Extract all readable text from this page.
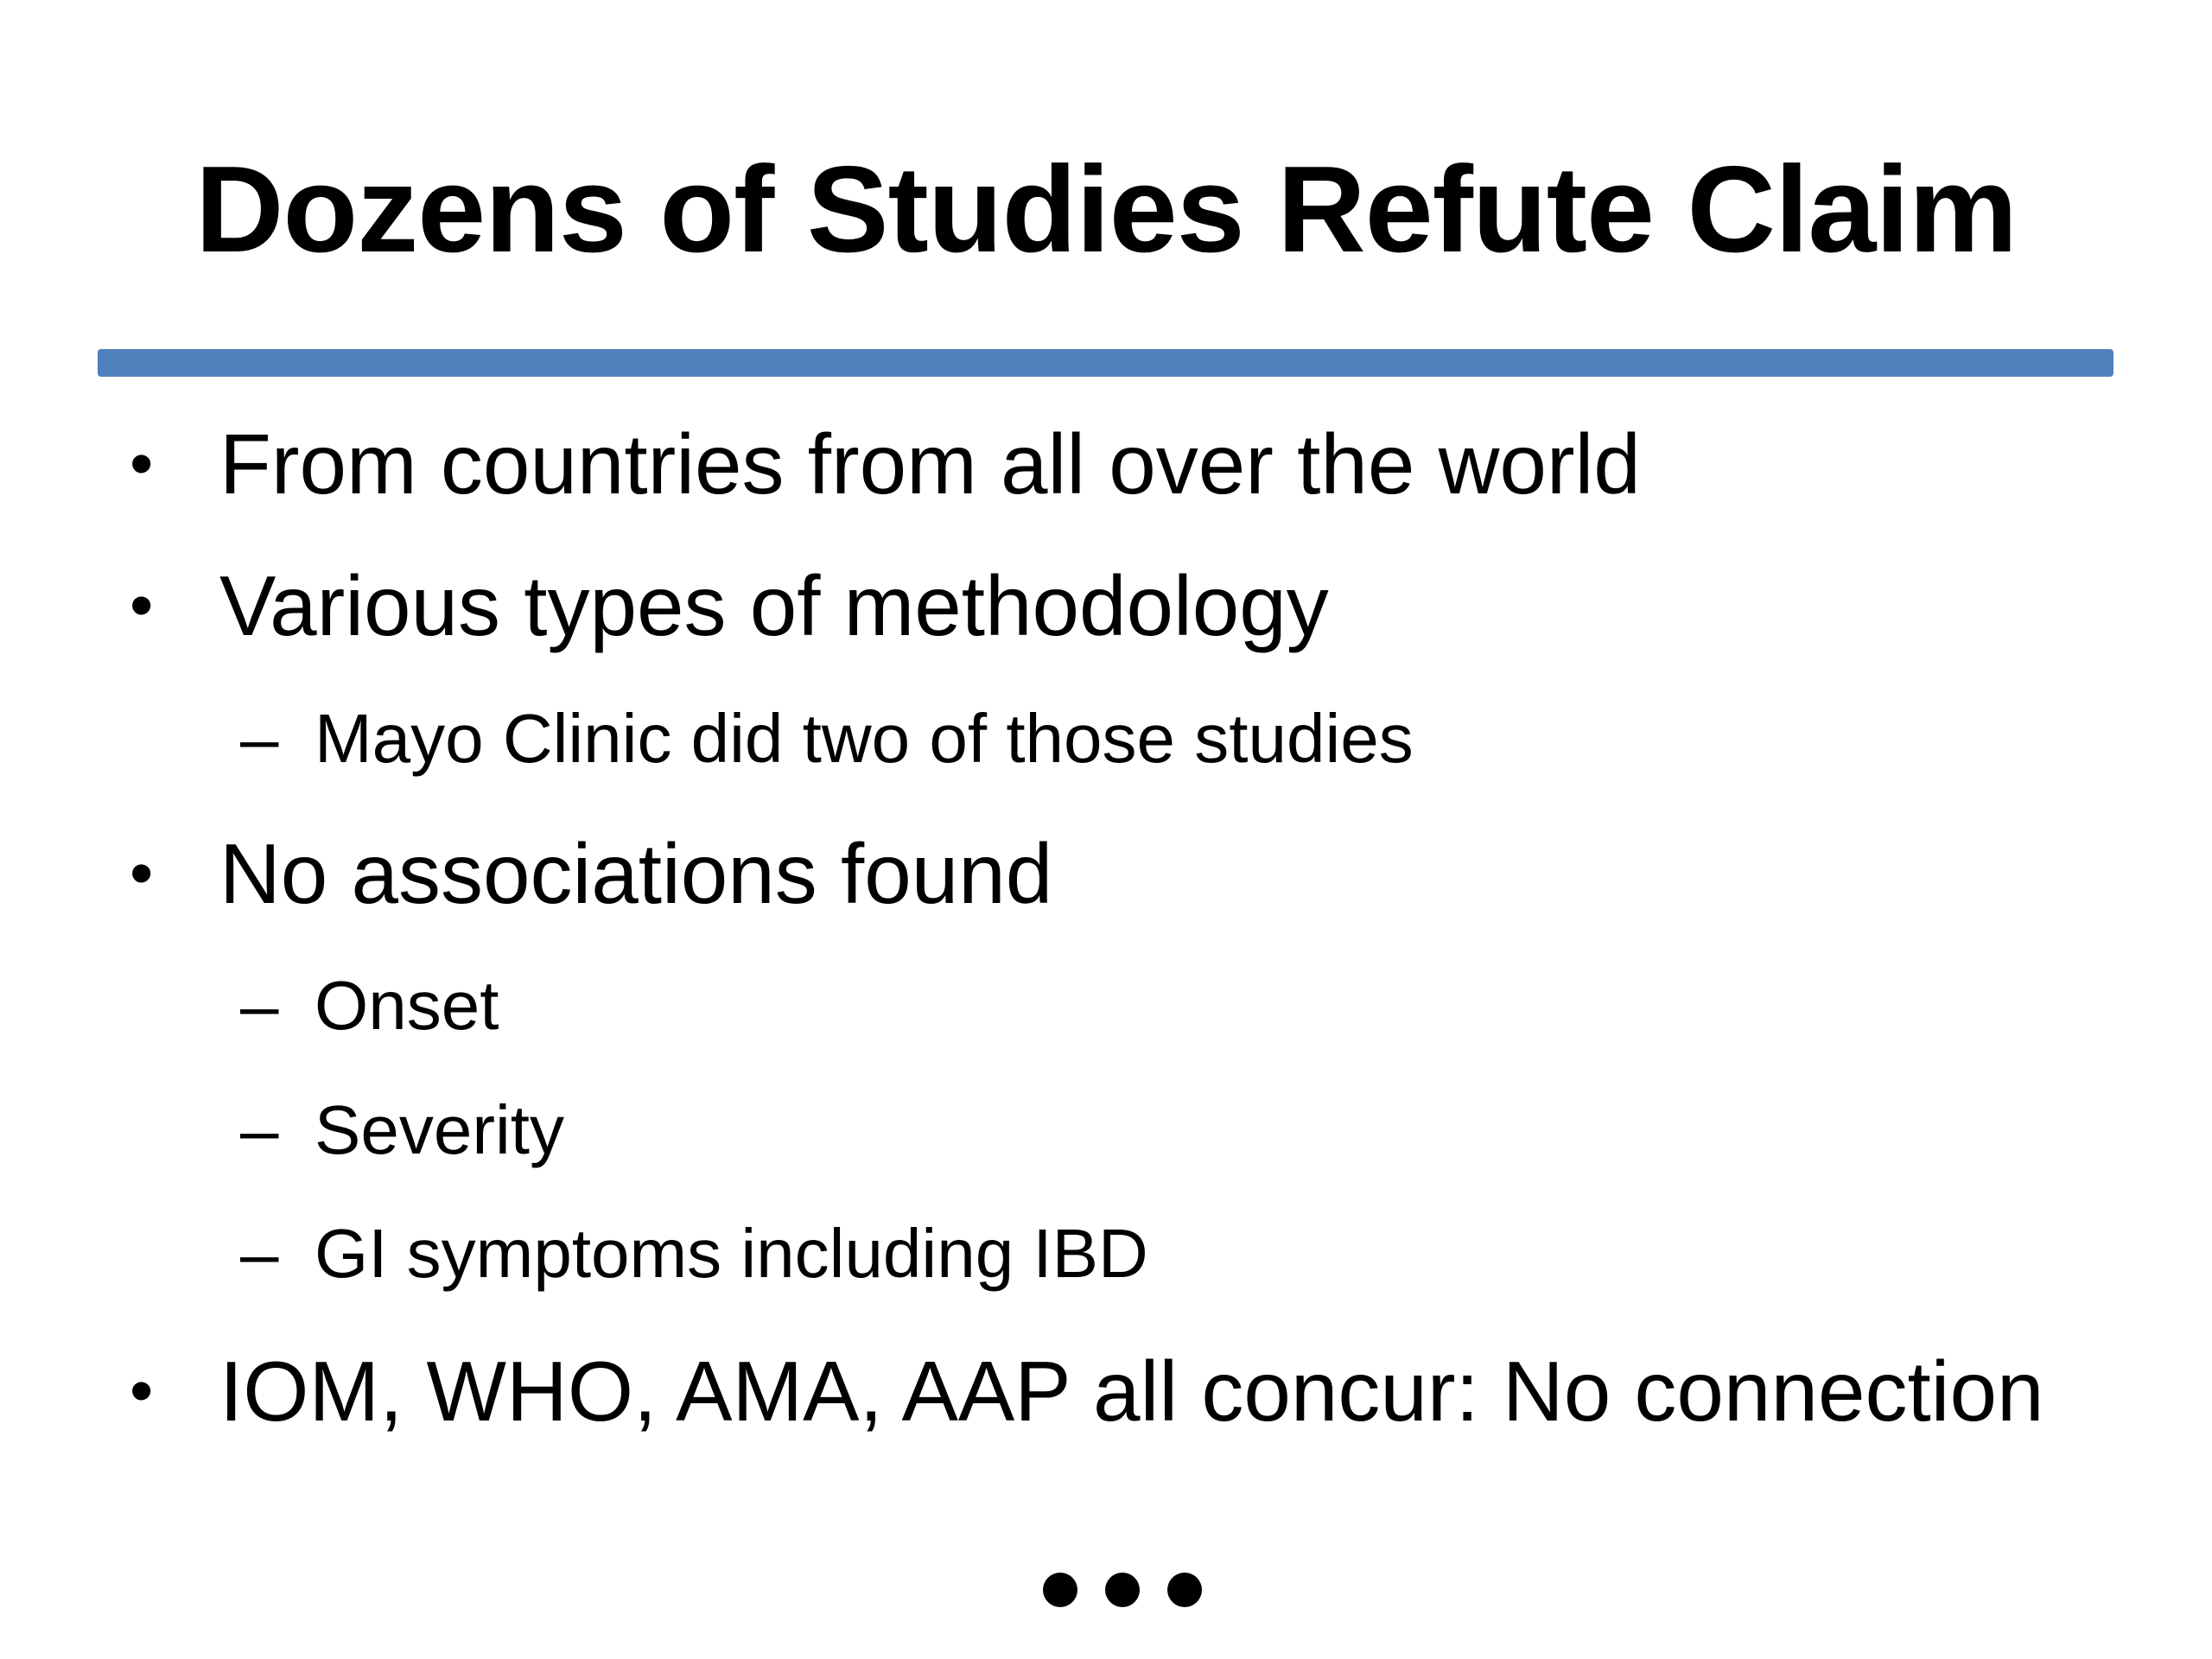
Dozens of Studies Refute Claim
• From countries from all over the world
• Various types of methodology
– Mayo Clinic did two of those studies
• No associations found
– Onset
– Severity
– GI symptoms including IBD
• IOM, WHO, AMA, AAP all concur: No connection
